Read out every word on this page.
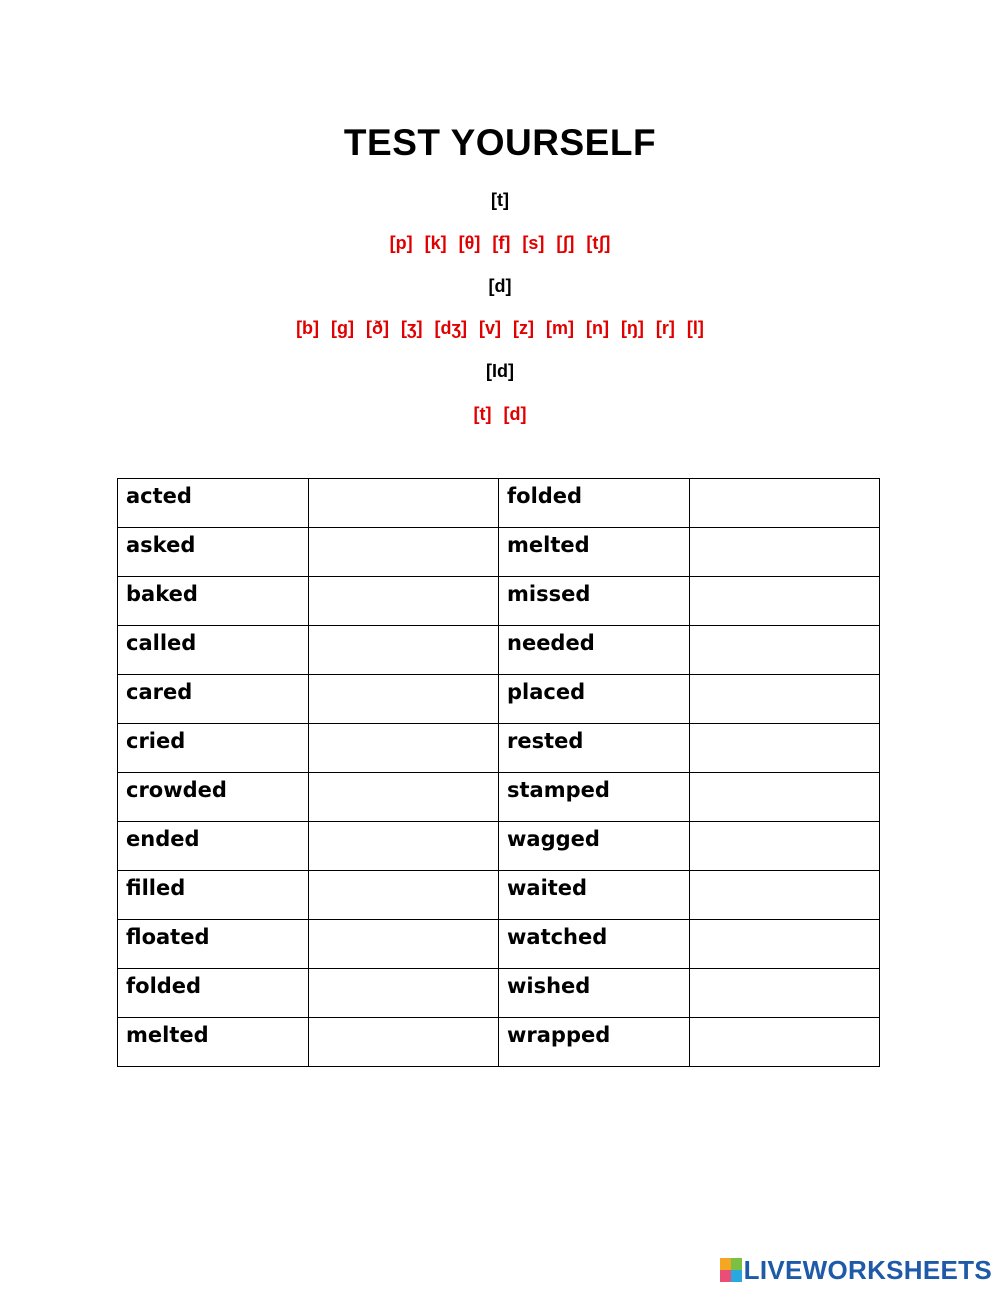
TEST YOURSELF
[t]
[p] [k] [θ] [f] [s] [ʃ] [tʃ]
[d]
[b] [g] [ð] [ʒ] [dʒ] [v] [z] [m] [n] [ŋ] [r] [l]
[Id]
[t] [d]
acted		folded	
asked		melted	
baked		missed	
called		needed	
cared		placed	
cried		rested	
crowded		stamped	
ended		wagged	
filled		waited	
floated		watched	
folded		wished	
melted		wrapped	
LIVEWORKSHEETS
